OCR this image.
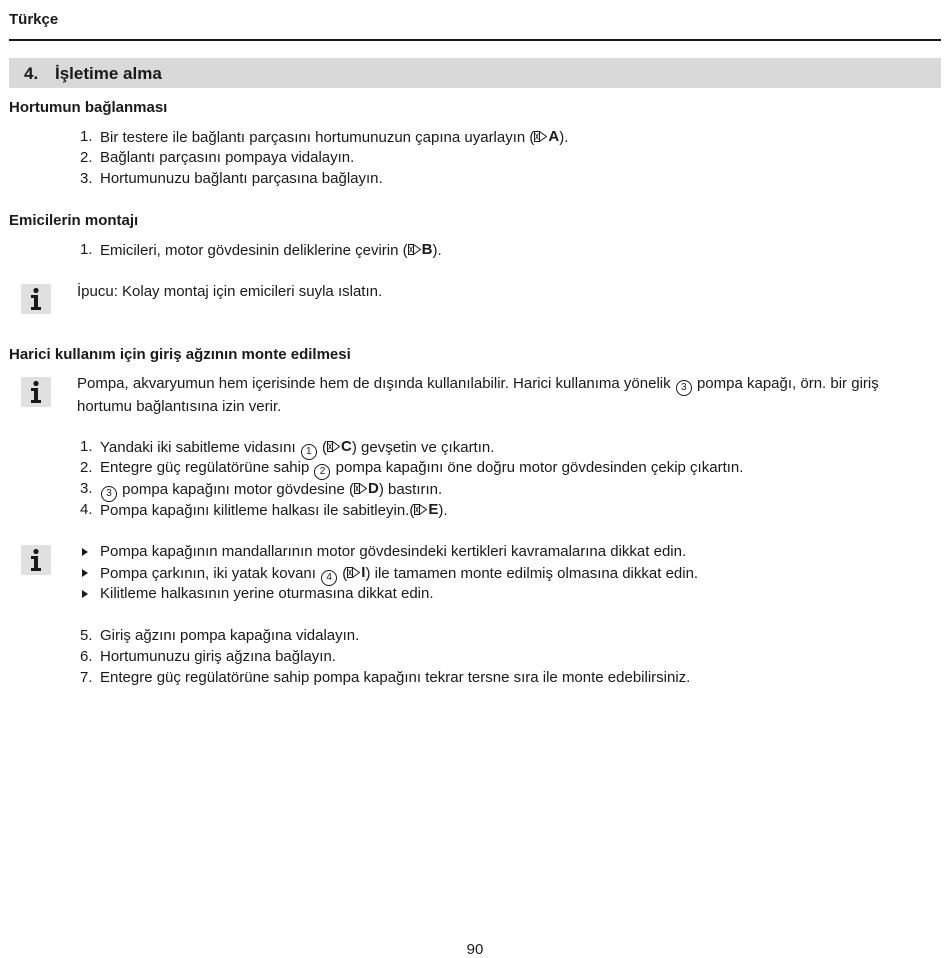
Türkçe
4. İşletime alma
Hortumun bağlanması
1. Bir testere ile bağlantı parçasını hortumunuzun çapına uyarlayın ( A ).
2. Bağlantı parçasını pompaya vidalayın.
3. Hortumunuzu bağlantı parçasına bağlayın.
Emicilerin montajı
1. Emicileri, motor gövdesinin deliklerine çevirin ( B ).
İpucu: Kolay montaj için emicileri suyla ıslatın.
Harici kullanım için giriş ağzının monte edilmesi
Pompa, akvaryumun hem içerisinde hem de dışında kullanılabilir. Harici kullanıma yönelik 3 pompa kapağı, örn. bir giriş
hortumu bağlantısına izin verir.
1. Yandaki iki sabitleme vidasını 1 ( C ) gevşetin ve çıkartın.
2. Entegre güç regülatörüne sahip 2 pompa kapağını öne doğru motor gövdesinden çekip çıkartın.
3. 3 pompa kapağını motor gövdesine ( D ) bastırın.
4. Pompa kapağını kilitleme halkası ile sabitleyin.( E ).
Pompa kapağının mandallarının motor gövdesindeki kertikleri kavramalarına dikkat edin.
Pompa çarkının, iki yatak kovanı 4 ( I ) ile tamamen monte edilmiş olmasına dikkat edin.
Kilitleme halkasının yerine oturmasına dikkat edin.
5. Giriş ağzını pompa kapağına vidalayın.
6. Hortumunuzu giriş ağzına bağlayın.
7. Entegre güç regülatörüne sahip pompa kapağını tekrar tersne sıra ile monte edebilirsiniz.
90
